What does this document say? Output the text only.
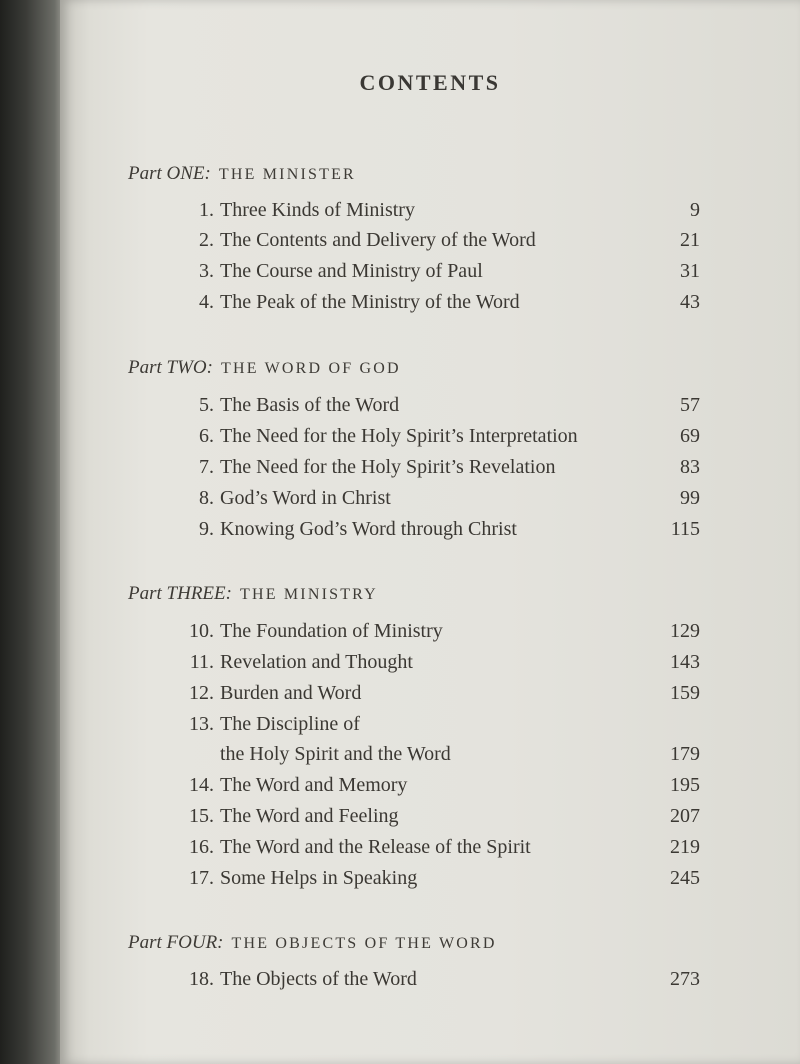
CONTENTS
Part ONE: THE MINISTER
1. Three Kinds of Ministry	9
2. The Contents and Delivery of the Word	21
3. The Course and Ministry of Paul	31
4. The Peak of the Ministry of the Word	43
Part TWO: THE WORD OF GOD
5. The Basis of the Word	57
6. The Need for the Holy Spirit’s Interpretation	69
7. The Need for the Holy Spirit’s Revelation	83
8. God’s Word in Christ	99
9. Knowing God’s Word through Christ	115
Part THREE: THE MINISTRY
10. The Foundation of Ministry	129
11. Revelation and Thought	143
12. Burden and Word	159
13. The Discipline of
the Holy Spirit and the Word	179
14. The Word and Memory	195
15. The Word and Feeling	207
16. The Word and the Release of the Spirit	219
17. Some Helps in Speaking	245
Part FOUR: THE OBJECTS OF THE WORD
18. The Objects of the Word	273
